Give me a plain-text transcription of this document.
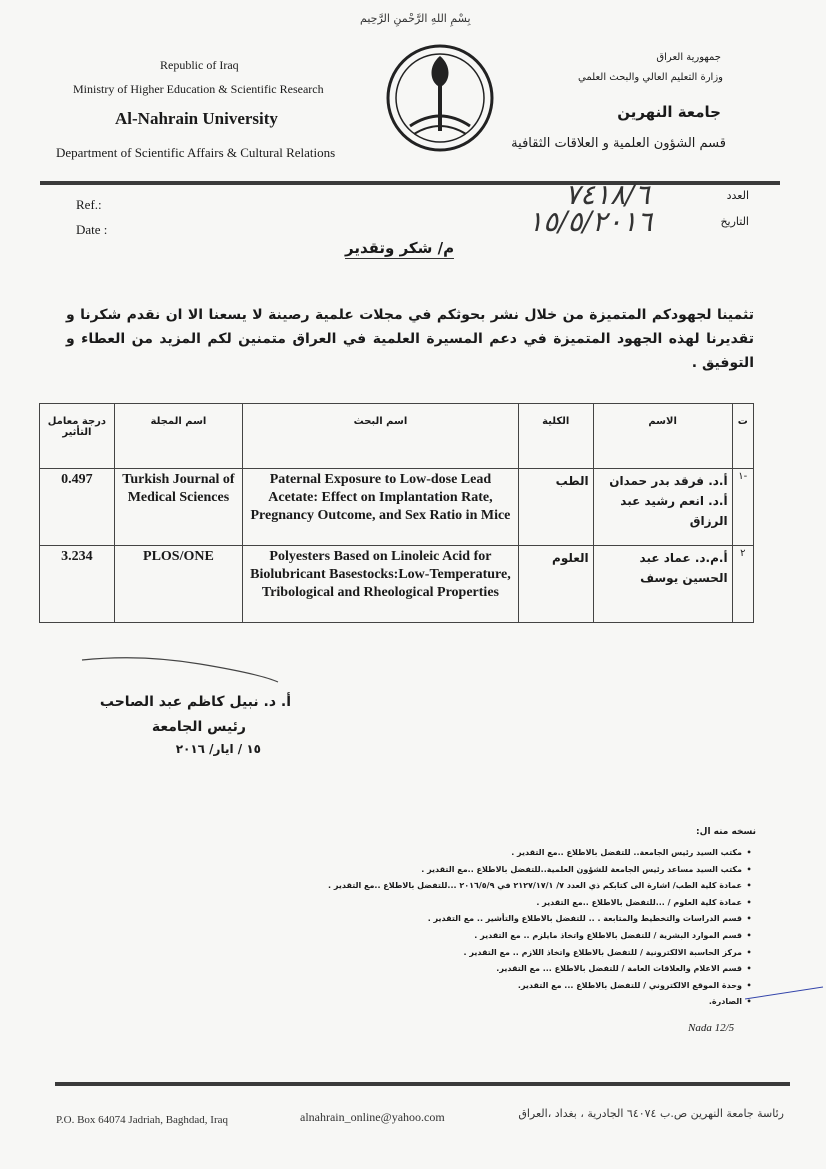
بِسْمِ اللهِ الرَّحْمنِ الرَّحِيم
Republic of Iraq
Ministry of Higher Education & Scientific Research
Al-Nahrain University
Department of Scientific Affairs & Cultural Relations
جمهورية العراق
وزارة التعليم العالي والبحث العلمي
جامعة النهرين
قسم الشؤون العلمية و العلاقات الثقافية
Ref.:
Date :
العدد
التاريخ
٧٤١٨/٦
١٥/٥/٢٠١٦
م/ شكر وتقدير
تثمينا لجهودكم المتميزة من خلال نشر بحوثكم في مجلات علمية رصينة لا يسعنا الا ان نقدم شكرنا و تقديرنا لهذه الجهود المتميزة في دعم المسيرة العلمية في العراق متمنين لكم المزيد من العطاء و التوفيق .
درجة معامل التأثير	اسم المجلة	اسم البحث	الكلية	الاسم	ت
0.497	Turkish Journal of Medical Sciences	Paternal Exposure to Low-dose Lead Acetate: Effect on Implantation Rate, Pregnancy Outcome, and Sex Ratio in Mice	الطب	أ.د. فرقد بدر حمدان أ.د. انعم رشيد عبد الرزاق	١-
3.234	PLOS/ONE	Polyesters Based on Linoleic Acid for Biolubricant Basestocks:Low-Temperature, Tribological and Rheological Properties	العلوم	أ.م.د. عماد عبد الحسين يوسف	٢
أ. د. نبيل كاظم عبد الصاحب
رئيس الجامعة
١٥ / ايار/ ٢٠١٦
نسخه منه ال:
• مكتب السيد رئيس الجامعة.. للتفضل بالاطلاع ..مع التقدير .
• مكتب السيد مساعد رئيس الجامعة للشؤون العلمية..للتفضل بالاطلاع ..مع التقدير .
• عمادة كلية الطب/ اشارة الى كتابكم ذي العدد ٧/ ٢١٢٧/١٧/١ في ٢٠١٦/٥/٩ ...للتفضل بالاطلاع ..مع التقدير .
• عمادة كلية العلوم / ...للتفضل بالاطلاع ..مع التقدير .
• قسم الدراسات والتخطيط والمتابعة . .. للتفضل بالاطلاع والتأشير .. مع التقدير .
• قسم الموارد البشرية / للتفضل بالاطلاع واتخاذ مايلزم .. مع التقدير .
• مركز الحاسبة الالكترونية / للتفضل بالاطلاع واتخاذ اللازم .. مع التقدير .
• قسم الاعلام والعلاقات العامة / للتفضل بالاطلاع ... مع التقدير.
• وحدة الموقع الالكتروني / للتفضل بالاطلاع ... مع التقدير.
• الصادرة.
Nada 12/5
P.O. Box 64074 Jadriah, Baghdad, Iraq	alnahrain_online@yahoo.com	رئاسة جامعة النهرين ص.ب ٦٤٠٧٤ الجادرية ، بغداد ،العراق
